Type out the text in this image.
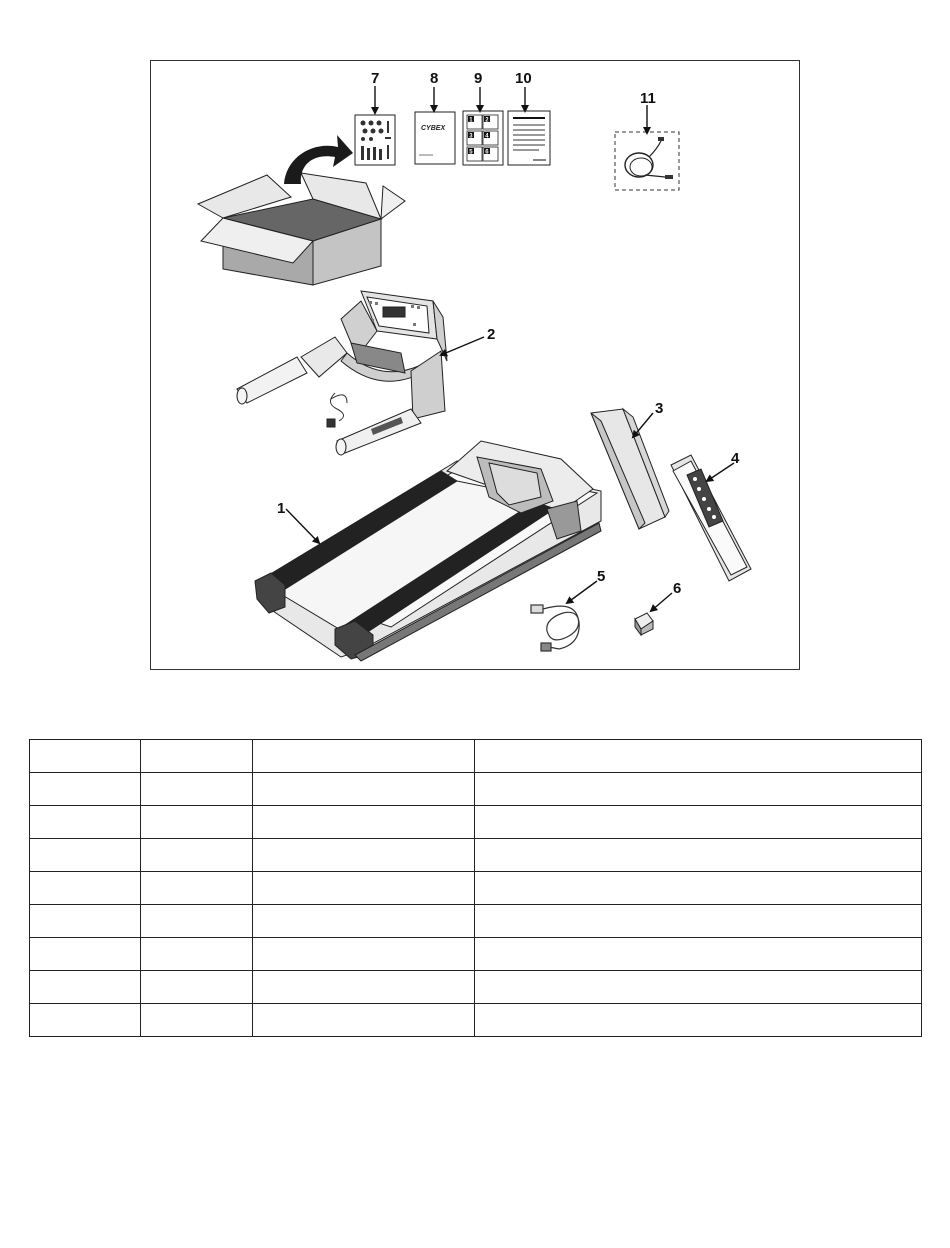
CYBEX
1 2
3 4
5 6
1
2
3
4
5
6
7	8 9 10
11
